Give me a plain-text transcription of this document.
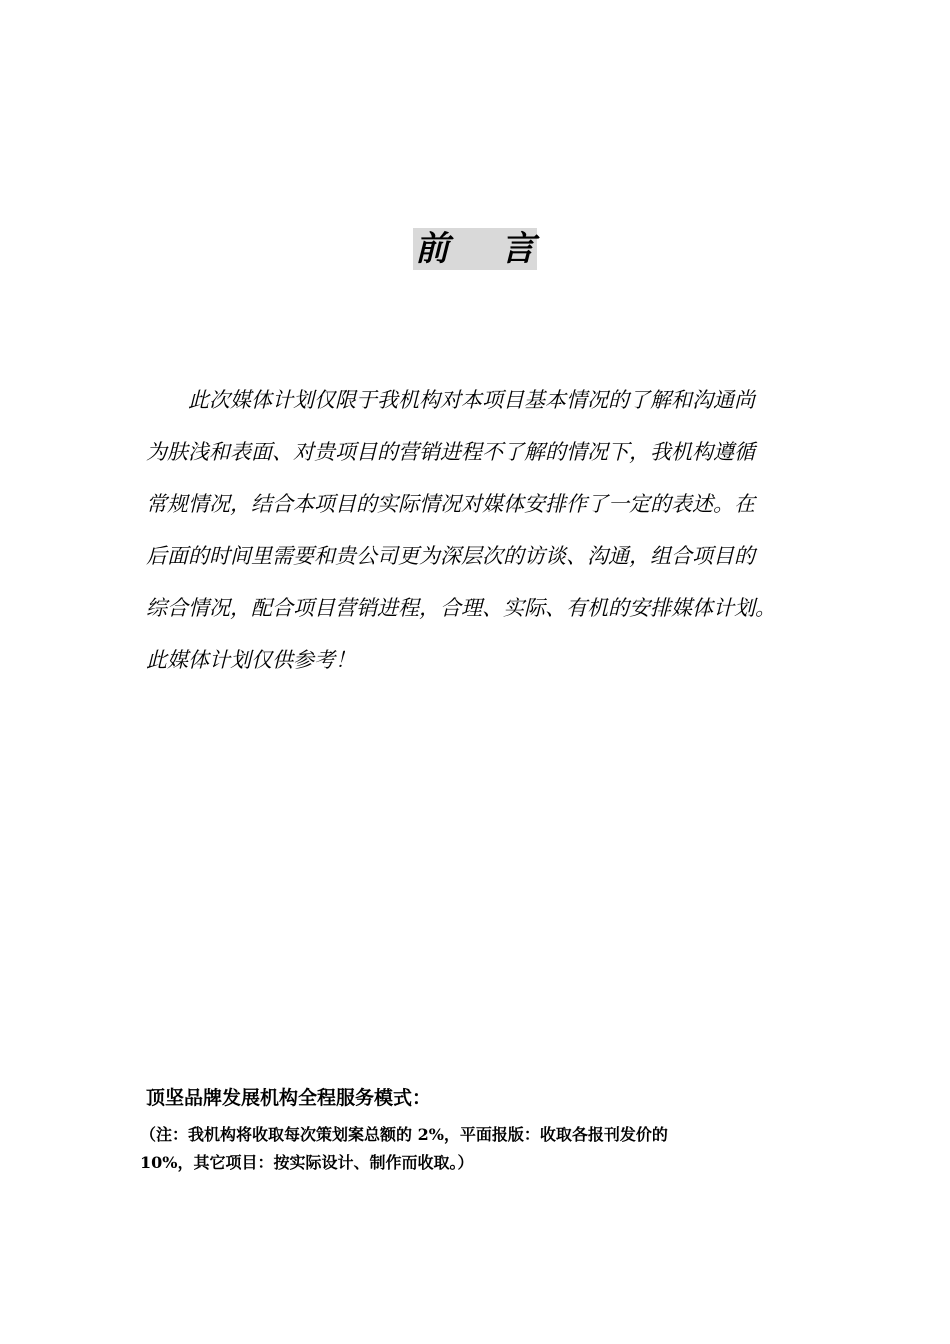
前 言

此次媒体计划仅限于我机构对本项目基本情况的了解和沟通尚
为肤浅和表面、对贵项目的营销进程不了解的情况下，我机构遵循
常规情况，结合本项目的实际情况对媒体安排作了一定的表述。在
后面的时间里需要和贵公司更为深层次的访谈、沟通，组合项目的
综合情况，配合项目营销进程，合理、实际、有机的安排媒体计划。
此媒体计划仅供参考！

顶坚品牌发展机构全程服务模式：

（注：我机构将收取每次策划案总额的 2%，平面报版：收取各报刊发价的
10%，其它项目：按实际设计、制作而收取。）
